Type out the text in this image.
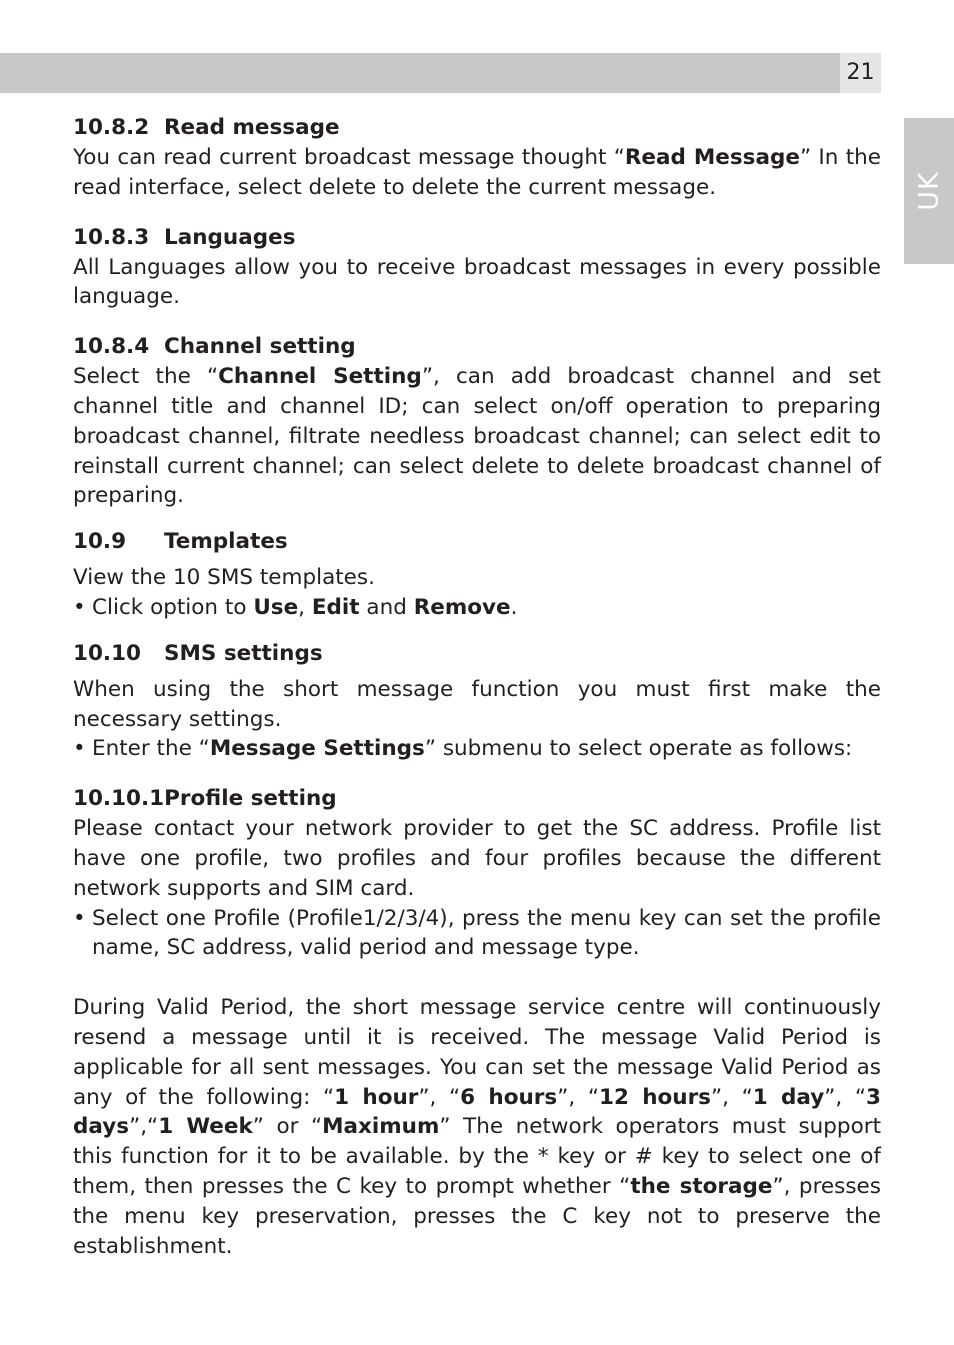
21
UK
10.8.2 Read message

You can read current broadcast message thought “Read Message” In the read interface, select delete to delete the current message.

10.8.3 Languages

All Languages allow you to receive broadcast messages in every possible language.

10.8.4 Channel setting

Select the “Channel Setting”, can add broadcast channel and set channel title and channel ID; can select on/off operation to preparing broadcast channel, filtrate needless broadcast channel; can select edit to reinstall current channel; can select delete to delete broadcast channel of preparing.

10.9	Templates

View the 10 SMS templates.

• Click option to Use, Edit and Remove.

10.10	SMS settings

When using the short message function you must first make the necessary settings.

• Enter the “Message Settings” submenu to select operate as follows:

10.10.1Profile setting

Please contact your network provider to get the SC address. Profile list have one profile, two profiles and four profiles because the different network supports and SIM card.

• Select one Profile (Profile1/2/3/4), press the menu key can set the profile name, SC address, valid period and message type.

During Valid Period, the short message service centre will continuously resend a message until it is received. The message Valid Period is applicable for all sent messages. You can set the message Valid Period as any of the following: “1 hour”, “6 hours”, “12 hours”, “1 day”, “3 days”,“1 Week” or “Maximum” The network operators must support this function for it to be available. by the * key or # key to select one of them, then presses the C key to prompt whether “the storage”, presses the menu key preservation, presses the C key not to preserve the establishment.
